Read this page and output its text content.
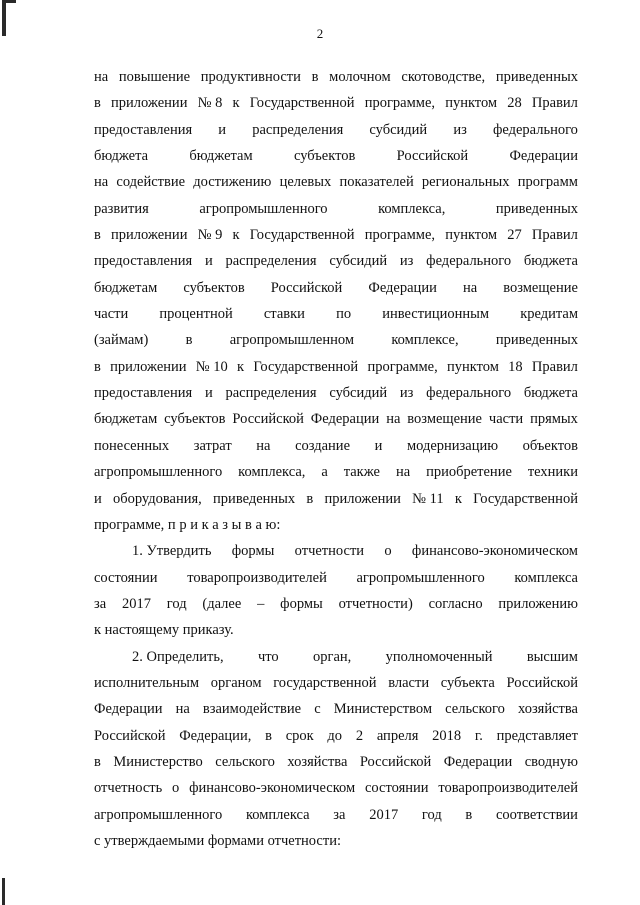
2
на повышение продуктивности в молочном скотоводстве, приведенных
в приложении № 8 к Государственной программе, пунктом 28 Правил
предоставления и распределения субсидий из федерального
бюджета	бюджетам	субъектов	Российской	Федерации
на содействие достижению целевых показателей региональных программ
развития	агропромышленного	комплекса,	приведенных
в приложении № 9 к Государственной программе, пунктом 27 Правил
предоставления и распределения субсидий из федерального бюджета
бюджетам субъектов Российской Федерации на возмещение
части процентной ставки по инвестиционным кредитам
(займам)	в	агропромышленном	комплексе,	приведенных
в приложении № 10 к Государственной программе, пунктом 18 Правил
предоставления и распределения субсидий из федерального бюджета
бюджетам субъектов Российской Федерации на возмещение части прямых
понесенных затрат на создание и модернизацию объектов
агропромышленного комплекса, а также на приобретение техники
и оборудования, приведенных в приложении № 11 к Государственной
программе, п р и к а з ы в а ю:
1. Утвердить формы отчетности о финансово-экономическом
состоянии товаропроизводителей агропромышленного комплекса
за 2017 год (далее – формы отчетности) согласно приложению
к настоящему приказу.
2. Определить, что орган, уполномоченный высшим
исполнительным органом государственной власти субъекта Российской
Федерации на взаимодействие с Министерством сельского хозяйства
Российской Федерации, в срок до 2 апреля 2018 г. представляет
в Министерство сельского хозяйства Российской Федерации сводную
отчетность о финансово-экономическом состоянии товаропроизводителей
агропромышленного комплекса за 2017 год в соответствии
с утверждаемыми формами отчетности:
